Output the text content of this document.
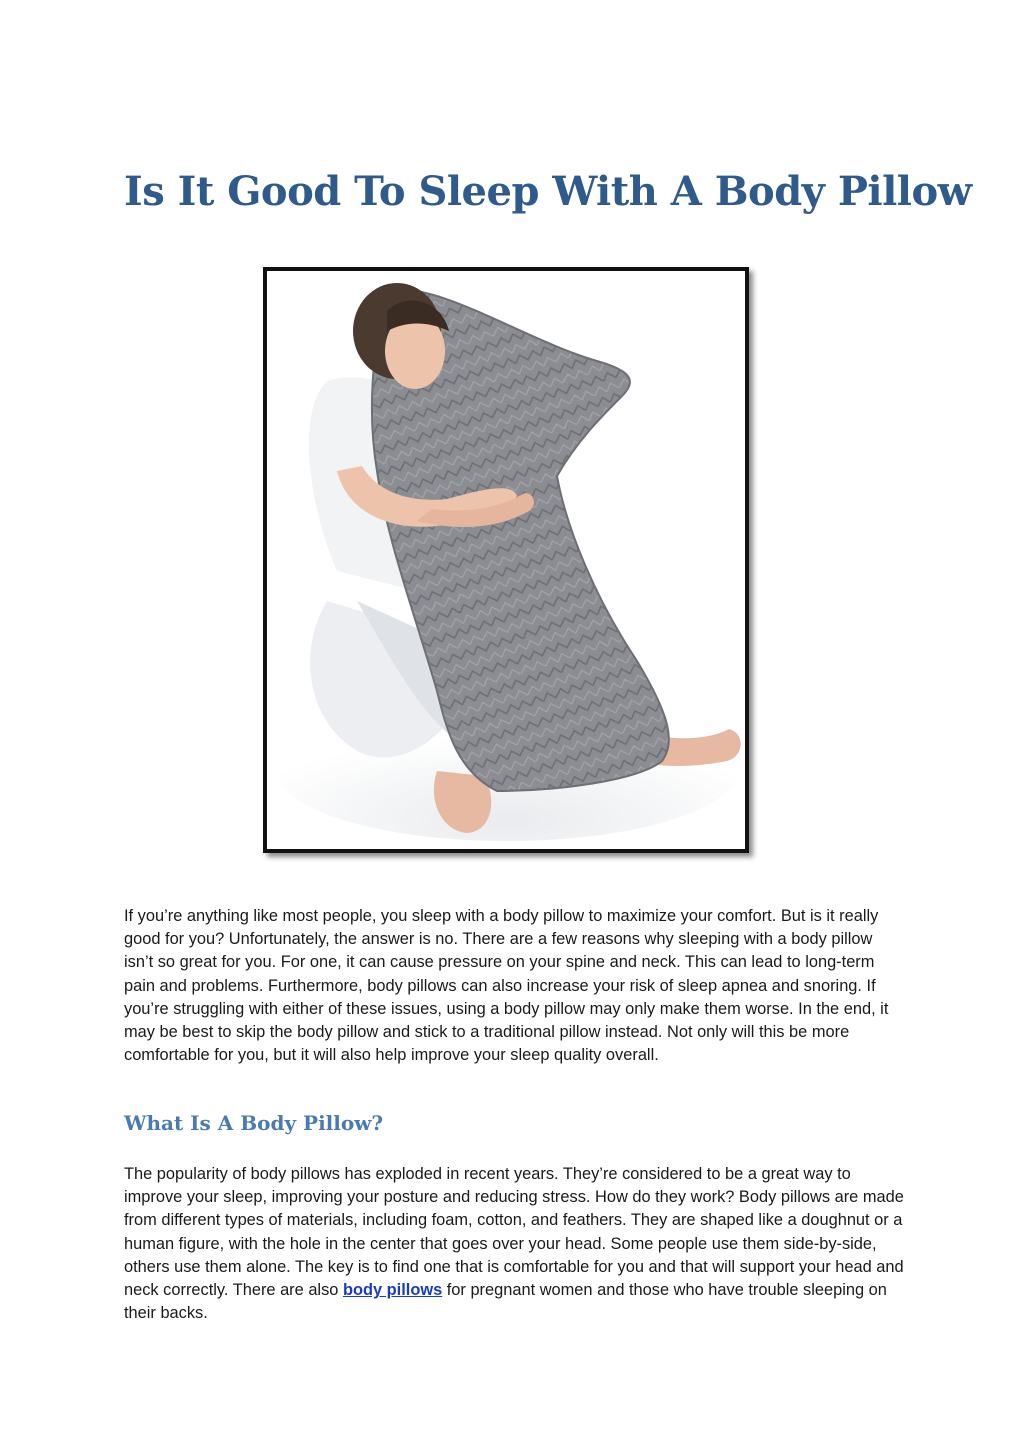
Is It Good To Sleep With A Body Pillow

If you’re anything like most people, you sleep with a body pillow to maximize your comfort. But is it really good for you? Unfortunately, the answer is no. There are a few reasons why sleeping with a body pillow isn’t so great for you. For one, it can cause pressure on your spine and neck. This can lead to long-term pain and problems. Furthermore, body pillows can also increase your risk of sleep apnea and snoring. If you’re struggling with either of these issues, using a body pillow may only make them worse. In the end, it may be best to skip the body pillow and stick to a traditional pillow instead. Not only will this be more comfortable for you, but it will also help improve your sleep quality overall.

What Is A Body Pillow?

The popularity of body pillows has exploded in recent years. They’re considered to be a great way to improve your sleep, improving your posture and reducing stress. How do they work? Body pillows are made from different types of materials, including foam, cotton, and feathers. They are shaped like a doughnut or a human figure, with the hole in the center that goes over your head. Some people use them side-by-side, others use them alone. The key is to find one that is comfortable for you and that will support your head and neck correctly. There are also body pillows for pregnant women and those who have trouble sleeping on their backs.
